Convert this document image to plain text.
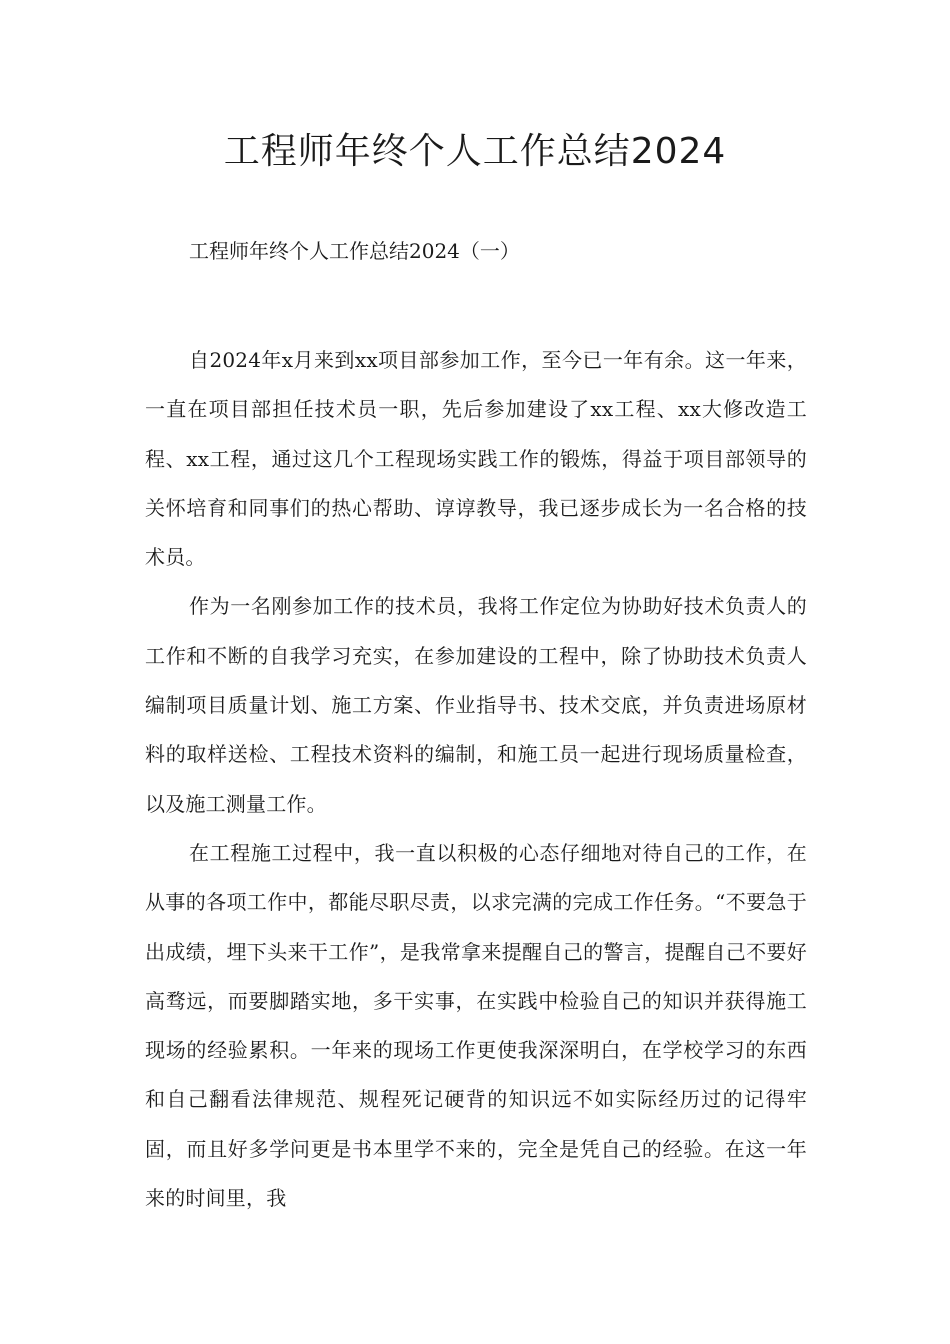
工程师年终个人工作总结2024

工程师年终个人工作总结2024（一）

自2024年x月来到xx项目部参加工作，至今已一年有余。这一年来，一直在项目部担任技术员一职，先后参加建设了xx工程、xx大修改造工程、xx工程，通过这几个工程现场实践工作的锻炼，得益于项目部领导的关怀培育和同事们的热心帮助、谆谆教导，我已逐步成长为一名合格的技术员。

作为一名刚参加工作的技术员，我将工作定位为协助好技术负责人的工作和不断的自我学习充实，在参加建设的工程中，除了协助技术负责人编制项目质量计划、施工方案、作业指导书、技术交底，并负责进场原材料的取样送检、工程技术资料的编制，和施工员一起进行现场质量检查，以及施工测量工作。

在工程施工过程中，我一直以积极的心态仔细地对待自己的工作，在从事的各项工作中，都能尽职尽责，以求完满的完成工作任务。“不要急于出成绩，埋下头来干工作”，是我常拿来提醒自己的警言，提醒自己不要好高骛远，而要脚踏实地，多干实事，在实践中检验自己的知识并获得施工现场的经验累积。一年来的现场工作更使我深深明白，在学校学习的东西和自己翻看法律规范、规程死记硬背的知识远不如实际经历过的记得牢固，而且好多学问更是书本里学不来的，完全是凭自己的经验。在这一年来的时间里，我
